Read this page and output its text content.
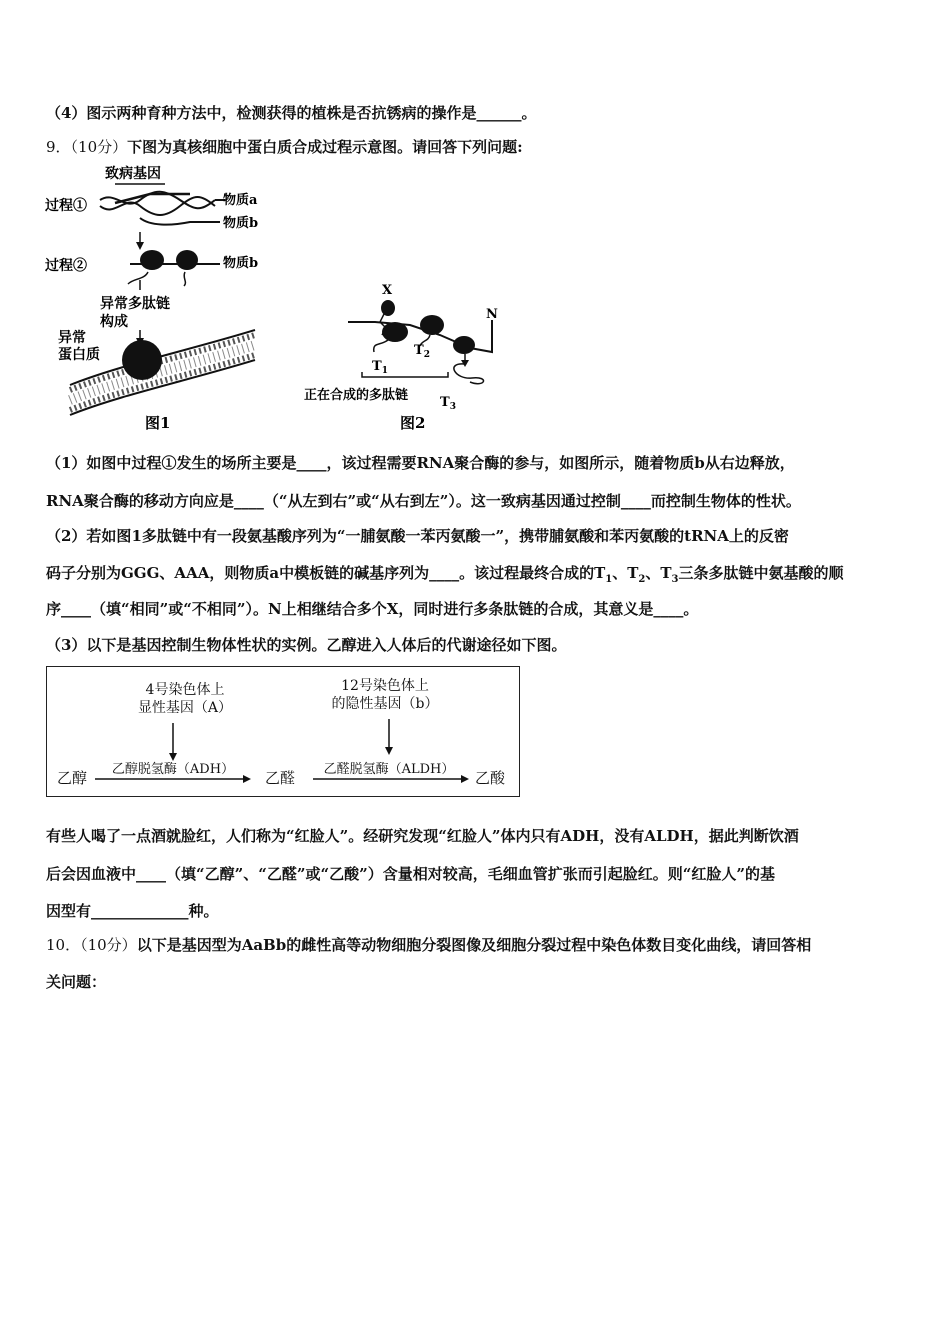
（4）图示两种育种方法中，检测获得的植株是否抗锈病的操作是______。
9．（10分）下图为真核细胞中蛋白质合成过程示意图。请回答下列问题:
致病基因
过程①	物质a
物质b
过程②	物质b
异常多肽链
构成
异常
蛋白质
图1
X
N
$T_1$
$T_2$
$T_3$
正在合成的多肽链
图2
（1）如图中过程①发生的场所主要是____，该过程需要RNA聚合酶的参与，如图所示，随着物质b从右边释放，
RNA聚合酶的移动方向应是____（“从左到右”或“从右到左”）。这一致病基因通过控制____而控制生物体的性状。
（2）若如图1多肽链中有一段氨基酸序列为“一脯氨酸一苯丙氨酸一”，携带脯氨酸和苯丙氨酸的tRNA上的反密
码子分别为GGG、AAA，则物质a中模板链的碱基序列为____。该过程最终合成的$T_1$、$T_2$、$T_3$三条多肽链中氨基酸的顺
序____（填“相同”或“不相同”）。N上相继结合多个X，同时进行多条肽链的合成，其意义是____。
（3）以下是基因控制生物体性状的实例。乙醇进入人体后的代谢途径如下图。
4号染色体上
显性基因（A）
12号染色体上
的隐性基因（b）
乙醇	乙醇脱氢酶（ADH）	乙醛	乙醛脱氢酶（ALDH）	乙酸
有些人喝了一点酒就脸红，人们称为“红脸人”。经研究发现“红脸人”体内只有ADH，没有ALDH，据此判断饮酒
后会因血液中____（填“乙醇”、“乙醛”或“乙酸”）含量相对较高，毛细血管扩张而引起脸红。则“红脸人”的基
因型有_____________种。
10．（10分）以下是基因型为AaBb的雌性高等动物细胞分裂图像及细胞分裂过程中染色体数目变化曲线，请回答相
关问题：
